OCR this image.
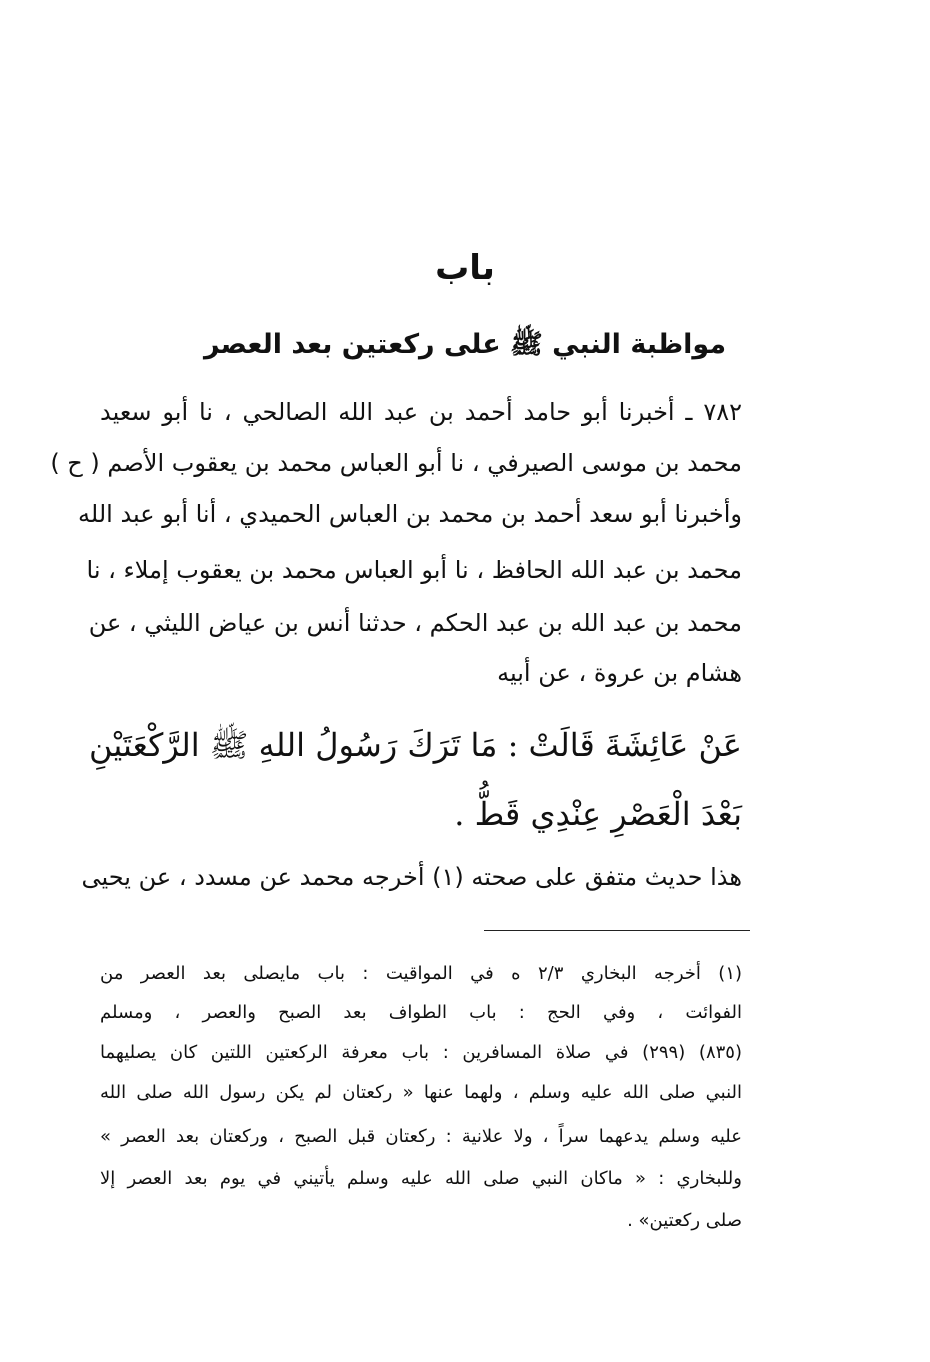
باب
مواظبة النبي ﷺ على ركعتين بعد العصر
٧٨٢ ـ أخبرنا أبو حامد أحمد بن عبد الله الصالحي ، نا أبو سعيد
محمد بن موسى الصيرفي ، نا أبو العباس محمد بن يعقوب الأصم ( ح )
وأخبرنا أبو سعد أحمد بن محمد بن العباس الحميدي ، أنا أبو عبد الله
محمد بن عبد الله الحافظ ، نا أبو العباس محمد بن يعقوب إملاء ، نا
محمد بن عبد الله بن عبد الحكم ، حدثنا أنس بن عياض الليثي ، عن
هشام بن عروة ، عن أبيه
عَنْ عَائِشَةَ قَالَتْ : مَا تَرَكَ رَسُولُ اللهِ ﷺ الرَّكْعَتَيْنِ
بَعْدَ الْعَصْرِ عِنْدِي قَطُّ .
هذا حديث متفق على صحته (١) أخرجه محمد عن مسدد ، عن يحيى
(١) أخرجه البخاري ٢/٣ ه في المواقيت : باب مايصلى بعد العصر من
الفوائت ، وفي الحج : باب الطواف بعد الصبح والعصر ، ومسلم
(٨٣٥) (٢٩٩) في صلاة المسافرين : باب معرفة الركعتين اللتين كان يصليهما
النبي صلى الله عليه وسلم ، ولهما عنها « ركعتان لم يكن رسول الله صلى الله
عليه وسلم يدعهما سراً ، ولا علانية : ركعتان قبل الصبح ، وركعتان بعد العصر »
وللبخاري : « ماكان النبي صلى الله عليه وسلم يأتيني في يوم بعد العصر إلا
صلى ركعتين» .
